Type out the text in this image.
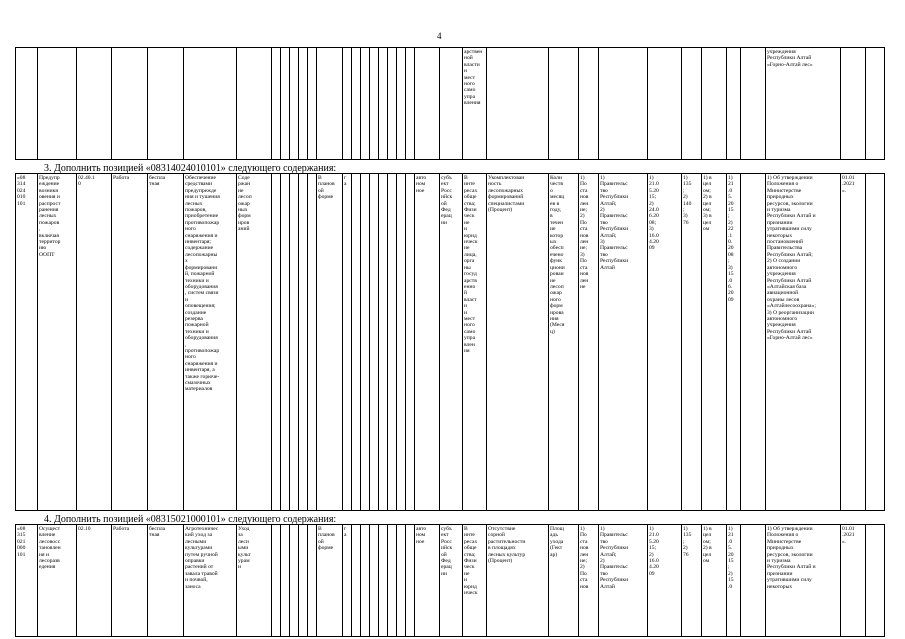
4
																							арственной
власти
и
мест
ного
само
упра
вления										учреждения
Республики Алтай
«Горно-Алтай лес»		
3. Дополнить позицией «08314024010101» следующего содержания:
«08
314
024
010
101	Предупр
еждение
возникн
овения и
распрост
ранения
лесных
пожаров
,
включая
территор
ию
ООПТ	02.40.1
0	Работа	беспла
тная	Обеспечение
средствами
предупрежде
ния и тушения
лесных
пожаров,
приобретение
противопожар
ного
снаряжения и
инвентаря;
содержание
лесопожарны
х
формировани
й, пожарной
техники и
оборудования
, систем связи
и
оповещения;
создание
резерва
пожарной
техники и
оборудования
,
противопожар
ного
снаряжения и
инвентаря, а
также горюче-
смазочных
материалов	Соде
ржан
ие
лесоп
ожар
ных
форм
иров
аний						В
планов
ой
форме	г
а								авто
ном
ное	субъ
ект
Росс
ийск
ой
Фед
ерац
ии	В
инте
ресах
обще
ства;
Физи
ческ
ие
и
юрид
ическ
ие
лица,
орга
ны
госуд
арств
енно
й
власт
и
и
мест
ного
само
упра
влен
ия	Укомплектован
ность
лесопожарных
формирований
специалистами
(Процент)	Коли
честв
о
месяц
ев в
году,
в
течен
ие
котор
ых
обесп
ечено
функ
циони
рован
ие
лесоп
ожар
ного
форм
ирова
ния
(Меся
ц)	1)
По
ста
нов
лен
ие;
2)
По
ста
нов
лен
ие;
3)
По
ста
нов
лен
ие	1)
Правительс
тво
Республики
Алтай;
2)
Правительс
тво
Республики
Алтай;
3)
Правительс
тво
Республики
Алтай	1)
21.0
5.20
15;
2)
24.0
6.20
08;
3)
16.0
4.20
09	1)
135
;
2)
140
;
3)
76	1) в
цел
ом;
2) в
цел
ом;
3) в
цел
ом	1)
21
.0
5.
20
15
;
2)
22
.1
0.
20
08
;
3)
15
.0
6.
20
09		1) Об утверждении
Положения о
Министерстве
природных
ресурсов, экологии
и туризма
Республики Алтай и
признании
утратившими силу
некоторых
постановлений
Правительства
Республики Алтай;
2) О создании
автономного
учреждения
Республики Алтай
«Алтайская база
авиационной
охраны лесов
«Алтайлесоохрана»;
3) О реорганизации
автономного
учреждения
Республики Алтай
«Горно-Алтай лес»	01.01
.2021
».	
4. Дополнить позицией «08315021000101» следующего содержания:
«08
315
021
000
101	Осущест
вление
лесовосс
тановлен
ия и
лесоразв
едения	02.10	Работа	беспла
тная	Агротехничес
кий уход за
лесными
культурами
путем ручной
оправки
растений от
завала травой
и почвой,
заноса	Уход
за
леси
ыми
культ
урам
и						В
планов
ой
форме	г
а								авто
ном
ное	субъ
ект
Росс
ийск
ой
Фед
ерац
ии	В
инте
ресах
обще
ства;
Физи
ческ
ие
и
юрид
ическ	Отсутствие
сорной
растительности
в площадях
лесных культур
(Процент)	Площ
адь
ухода
(Гект
ар)	1)
По
ста
нов
лен
ие;
2)
По
ста
нов	1)
Правительс
тво
Республики
Алтай;
2)
Правительс
тво
Республики
Алтай	1)
21.0
5.20
15;
2)
16.0
4.20
09	1)
135
;
2)
76	1) в
цел
ом;
2) в
цел
ом	1)
21
.0
5.
20
15
;
2)
15
.0		1) Об утверждении
Положения о
Министерстве
природных
ресурсов, экологии
и туризма
Республики Алтай и
признании
утратившими силу
некоторых	01.01
.2021
».	
